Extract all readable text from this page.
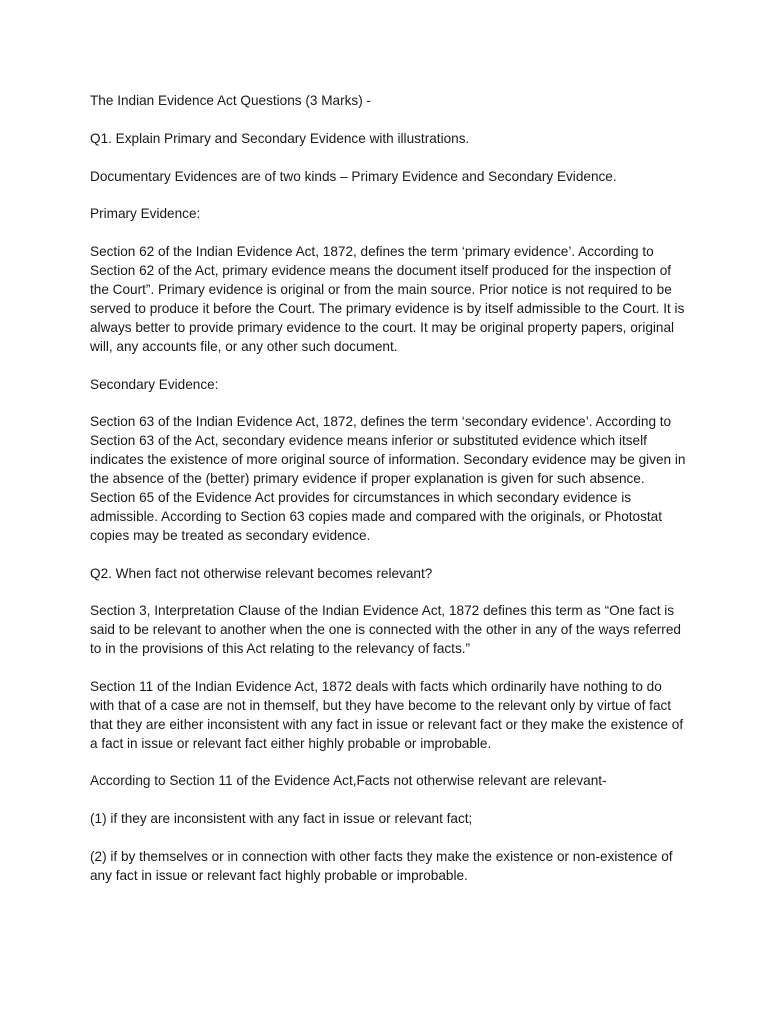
The Indian Evidence Act Questions (3 Marks) -

Q1. Explain Primary and Secondary Evidence with illustrations.

Documentary Evidences are of two kinds – Primary Evidence and Secondary Evidence.

Primary Evidence:

Section 62 of the Indian Evidence Act, 1872, defines the term ‘primary evidence’. According to Section 62 of the Act, primary evidence means the document itself produced for the inspection of the Court”. Primary evidence is original or from the main source. Prior notice is not required to be served to produce it before the Court. The primary evidence is by itself admissible to the Court. It is always better to provide primary evidence to the court. It may be original property papers, original will, any accounts file, or any other such document.

Secondary Evidence:

Section 63 of the Indian Evidence Act, 1872, defines the term ‘secondary evidence’. According to Section 63 of the Act, secondary evidence means inferior or substituted evidence which itself indicates the existence of more original source of information. Secondary evidence may be given in the absence of the (better) primary evidence if proper explanation is given for such absence. Section 65 of the Evidence Act provides for circumstances in which secondary evidence is admissible. According to Section 63 copies made and compared with the originals, or Photostat copies may be treated as secondary evidence.

Q2. When fact not otherwise relevant becomes relevant?

Section 3, Interpretation Clause of the Indian Evidence Act, 1872 defines this term as “One fact is said to be relevant to another when the one is connected with the other in any of the ways referred to in the provisions of this Act relating to the relevancy of facts.”

Section 11 of the Indian Evidence Act, 1872 deals with facts which ordinarily have nothing to do with that of a case are not in themself, but they have become to the relevant only by virtue of fact that they are either inconsistent with any fact in issue or relevant fact or they make the existence of a fact in issue or relevant fact either highly probable or improbable.

According to Section 11 of the Evidence Act,Facts not otherwise relevant are relevant-

(1) if they are inconsistent with any fact in issue or relevant fact;

(2) if by themselves or in connection with other facts they make the existence or non-existence of any fact in issue or relevant fact highly probable or improbable.
